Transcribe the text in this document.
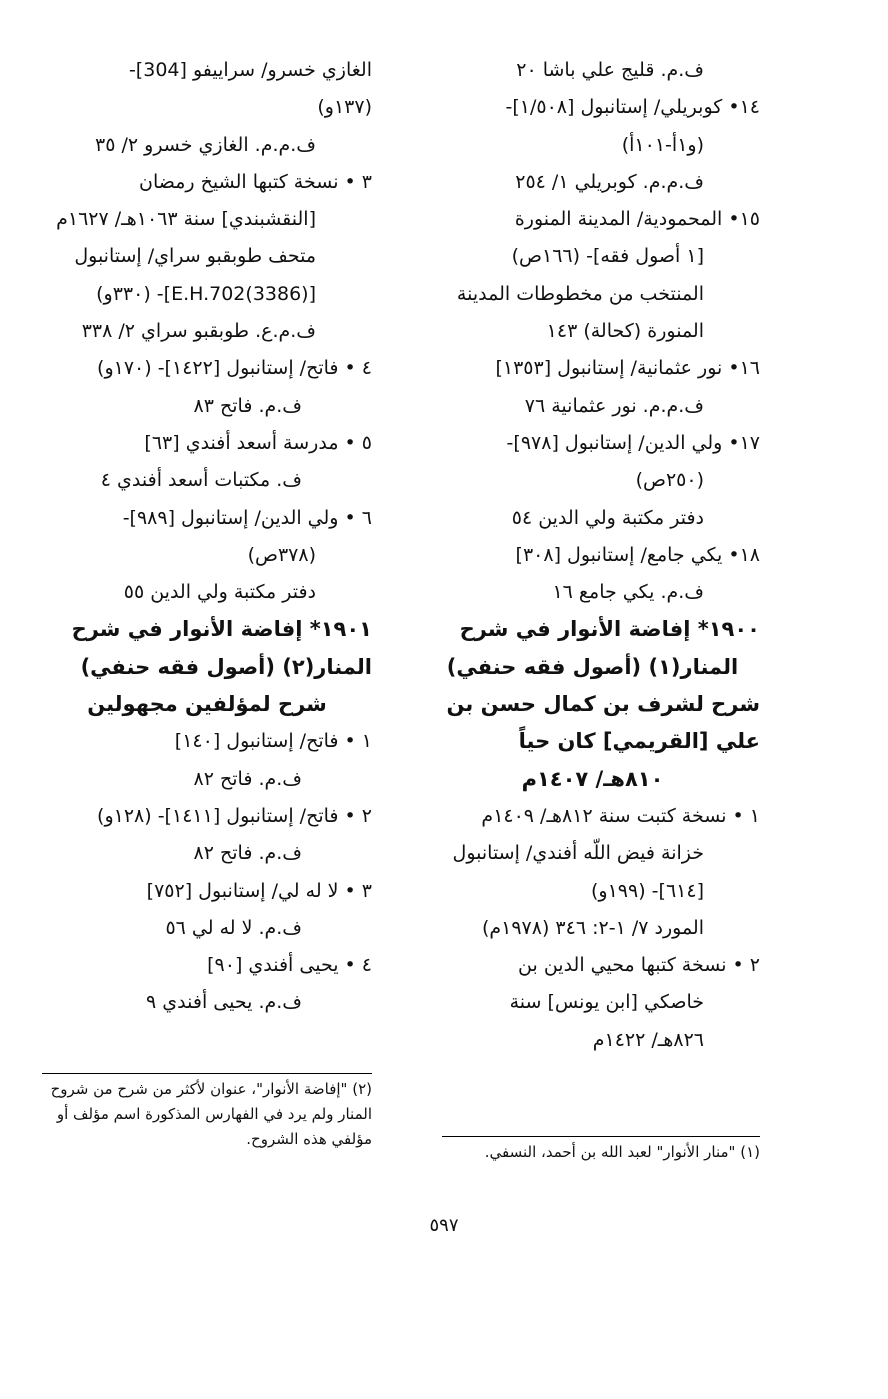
ف.م. قليج علي باشا ٢٠
١٤• كوبريلي/ إستانبول [١/٥٠٨]-
(و١أ-١٠١أ)
ف.م.م. كوبريلي ١/ ٢٥٤
١٥• المحمودية/ المدينة المنورة
[١ أصول فقه]- (١٦٦ص)
المنتخب من مخطوطات المدينة
المنورة (كحالة) ١٤٣
١٦• نور عثمانية/ إستانبول [١٣٥٣]
ف.م.م. نور عثمانية ٧٦
١٧• ولي الدين/ إستانبول [٩٧٨]-
(٢٥٠ص)
دفتر مكتبة ولي الدين ٥٤
١٨• يكي جامع/ إستانبول [٣٠٨]
ف.م. يكي جامع ١٦
١٩٠٠* إفاضة الأنوار في شرح
المنار(١) (أصول فقه حنفي)
شرح لشرف بن كمال حسن بن
علي [القريمي] كان حياً
٨١٠هـ/ ١٤٠٧م
١ • نسخة كتبت سنة ٨١٢هـ/ ١٤٠٩م
خزانة فيض اللّه أفندي/ إستانبول
[٦١٤]- (١٩٩و)
المورد ٧/ ١-٢: ٣٤٦ (١٩٧٨م)
٢ • نسخة كتبها محيي الدين بن
خاصكي [ابن يونس] سنة
٨٢٦هـ/ ١٤٢٢م
الغازي خسرو/ سراييفو [304]-
(١٣٧و)
ف.م.م. الغازي خسرو ٢/ ٣٥
٣ • نسخة كتبها الشيخ رمضان
[النقشبندي] سنة ١٠٦٣هـ/ ١٦٢٧م
متحف طوبقبو سراي/ إستانبول
[(3386)E.H.702]- (٣٣٠و)
ف.م.ع. طوبقبو سراي ٢/ ٣٣٨
٤ • فاتح/ إستانبول [١٤٢٢]- (١٧٠و)
ف.م. فاتح ٨٣
٥ • مدرسة أسعد أفندي [٦٣]
ف. مكتبات أسعد أفندي ٤
٦ • ولي الدين/ إستانبول [٩٨٩]-
(٣٧٨ص)
دفتر مكتبة ولي الدين ٥٥
١٩٠١* إفاضة الأنوار في شرح
المنار(٢) (أصول فقه حنفي)
شرح لمؤلفين مجهولين
١ • فاتح/ إستانبول [١٤٠]
ف.م. فاتح ٨٢
٢ • فاتح/ إستانبول [١٤١١]- (١٢٨و)
ف.م. فاتح ٨٢
٣ • لا له لي/ إستانبول [٧٥٢]
ف.م. لا له لي ٥٦
٤ • يحيى أفندي [٩٠]
ف.م. يحيى أفندي ٩
(٢) "إفاضة الأنوار"، عنوان لأكثر من شرح من شروح المنار ولم يرد في الفهارس المذكورة اسم مؤلف أو مؤلفي هذه الشروح.
(١) "منار الأنوار" لعبد الله بن أحمد، النسفي.
٥٩٧
